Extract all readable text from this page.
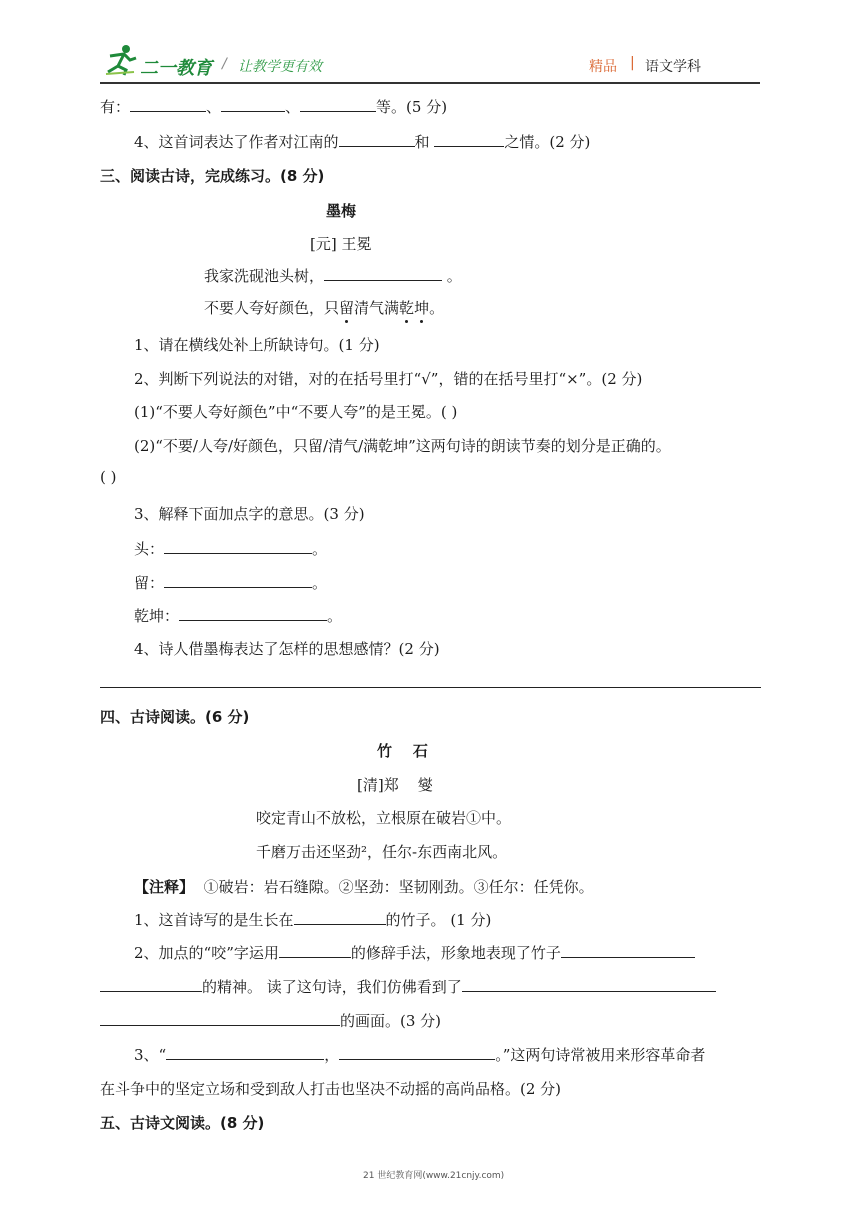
二一教育 / 让教学更有效	精品 | 语文学科
有：	、	、	等。(5 分)
4、这首词表达了作者对江南的	和	之情。(2 分)
三、阅读古诗，完成练习。(8 分)
墨梅
[元] 王冕
我家洗砚池头树，	。
不要人夸好颜色，只留清气满乾坤。
1、请在横线处补上所缺诗句。(1 分)
2、判断下列说法的对错，对的在括号里打“√”，错的在括号里打“×”。(2 分)
(1)“不要人夸好颜色”中“不要人夸”的是王冕。( )
(2)“不要/人夸/好颜色，只留/清气/满乾坤”这两句诗的朗读节奏的划分是正确的。
( )
3、解释下面加点字的意思。(3 分)
头：	。
留：	。
乾坤：	。
4、诗人借墨梅表达了怎样的思想感情？(2 分)
四、古诗阅读。(6 分)
竹    石
[清]郑    燮
咬定青山不放松，立根原在破岩①中。
千磨万击还坚劲²，任尔-东西南北风。
【注释】 ①破岩：岩石缝隙。②坚劲：坚韧刚劲。③任尔：任凭你。
1、这首诗写的是生长在	的竹子。 (1 分)
2、加点的“咬”字运用	的修辞手法，形象地表现了竹子
的精神。 读了这句诗，我们仿佛看到了
的画面。(3 分)
3、“	，	。”这两句诗常被用来形容革命者
在斗争中的坚定立场和受到敌人打击也坚决不动摇的高尚品格。(2 分)
五、古诗文阅读。(8 分)
21 世纪教育网(www.21cnjy.com)
